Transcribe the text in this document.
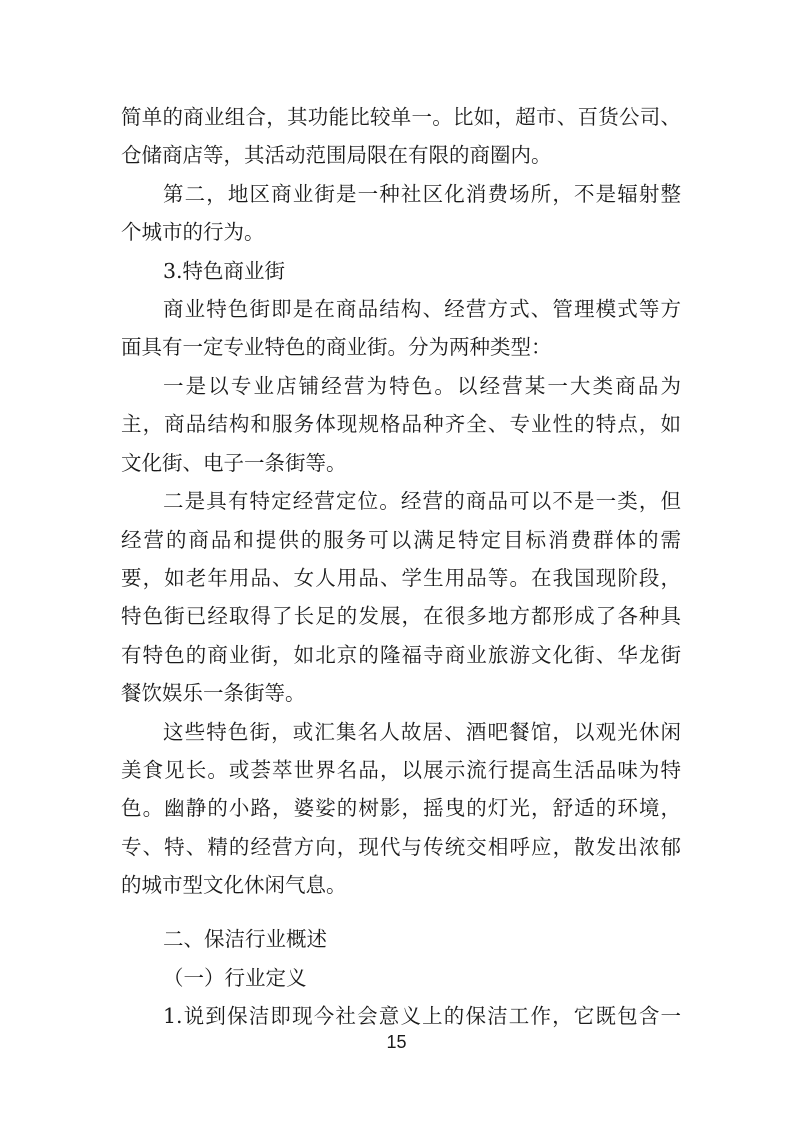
简单的商业组合，其功能比较单一。比如，超市、百货公司、
仓储商店等，其活动范围局限在有限的商圈内。
第二，地区商业街是一种社区化消费场所，不是辐射整
个城市的行为。
3.特色商业街
商业特色街即是在商品结构、经营方式、管理模式等方
面具有一定专业特色的商业街。分为两种类型：
一是以专业店铺经营为特色。以经营某一大类商品为
主，商品结构和服务体现规格品种齐全、专业性的特点，如
文化街、电子一条街等。
二是具有特定经营定位。经营的商品可以不是一类，但
经营的商品和提供的服务可以满足特定目标消费群体的需
要，如老年用品、女人用品、学生用品等。在我国现阶段，
特色街已经取得了长足的发展，在很多地方都形成了各种具
有特色的商业街，如北京的隆福寺商业旅游文化街、华龙街
餐饮娱乐一条街等。
这些特色街，或汇集名人故居、酒吧餐馆，以观光休闲
美食见长。或荟萃世界名品，以展示流行提高生活品味为特
色。幽静的小路，婆娑的树影，摇曳的灯光，舒适的环境，
专、特、精的经营方向，现代与传统交相呼应，散发出浓郁
的城市型文化休闲气息。
二、保洁行业概述
（一）行业定义
1.说到保洁即现今社会意义上的保洁工作，它既包含一
15
